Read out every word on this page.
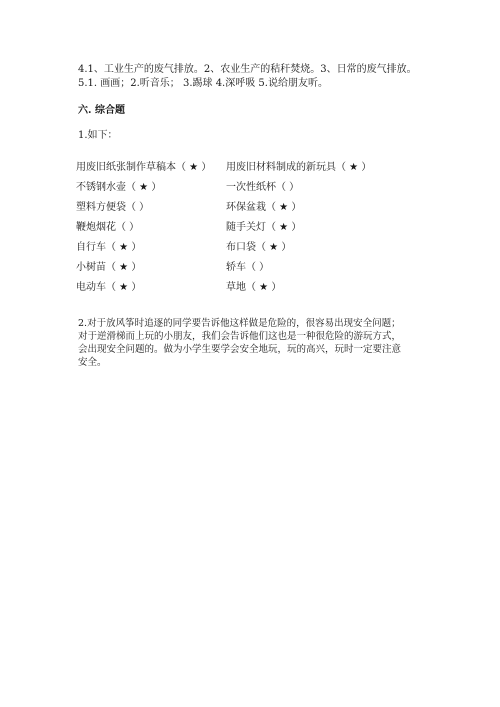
4.1、工业生产的废气排放。2、农业生产的秸秆焚烧。3、日常的废气排放。
5.1. 画画；2.听音乐； 3.踢球 4.深呼吸 5.说给朋友听。
六. 综合题
1.如下：
用废旧纸张制作草稿本（ ★ ）
不锈钢水壶（ ★ ）
塑料方便袋（ ）
鞭炮烟花（ ）
自行车（ ★ ）
小树苗（ ★ ）
电动车（ ★ ）
用废旧材料制成的新玩具（ ★ ）
一次性纸杯（ ）
环保盆栽（ ★ ）
随手关灯（ ★ ）
布口袋（ ★ ）
轿车（ ）
草地（ ★ ）

2.对于放风筝时追逐的同学要告诉他这样做是危险的，很容易出现安全问题；

对于逆滑梯而上玩的小朋友，我们会告诉他们这也是一种很危险的游玩方式，

会出现安全问题的。做为小学生要学会安全地玩，玩的高兴，玩时一定要注意

安全。
